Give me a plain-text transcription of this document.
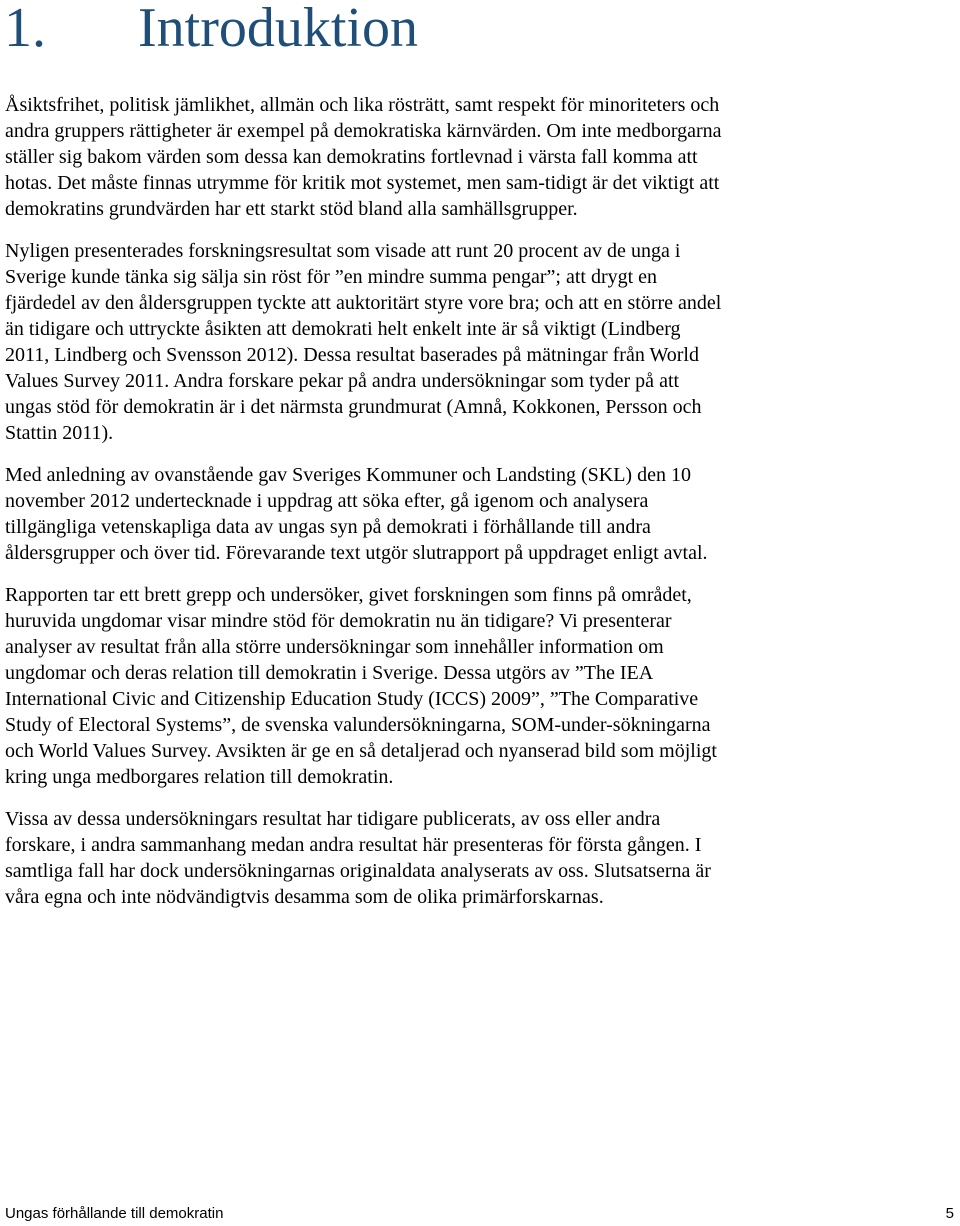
1. Introduktion

Åsiktsfrihet, politisk jämlikhet, allmän och lika rösträtt, samt respekt för minoriteters och
andra gruppers rättigheter är exempel på demokratiska kärnvärden. Om inte medborgarna
ställer sig bakom värden som dessa kan demokratins fortlevnad i värsta fall komma att
hotas. Det måste finnas utrymme för kritik mot systemet, men sam-tidigt är det viktigt att
demokratins grundvärden har ett starkt stöd bland alla samhällsgrupper.

Nyligen presenterades forskningsresultat som visade att runt 20 procent av de unga i
Sverige kunde tänka sig sälja sin röst för ”en mindre summa pengar”; att drygt en
fjärdedel av den åldersgruppen tyckte att auktoritärt styre vore bra; och att en större andel
än tidigare och uttryckte åsikten att demokrati helt enkelt inte är så viktigt (Lindberg
2011, Lindberg och Svensson 2012). Dessa resultat baserades på mätningar från World
Values Survey 2011. Andra forskare pekar på andra undersökningar som tyder på att
ungas stöd för demokratin är i det närmsta grundmurat (Amnå, Kokkonen, Persson och
Stattin 2011).

Med anledning av ovanstående gav Sveriges Kommuner och Landsting (SKL) den 10
november 2012 undertecknade i uppdrag att söka efter, gå igenom och analysera
tillgängliga vetenskapliga data av ungas syn på demokrati i förhållande till andra
åldersgrupper och över tid. Förevarande text utgör slutrapport på uppdraget enligt avtal.

Rapporten tar ett brett grepp och undersöker, givet forskningen som finns på området,
huruvida ungdomar visar mindre stöd för demokratin nu än tidigare? Vi presenterar
analyser av resultat från alla större undersökningar som innehåller information om
ungdomar och deras relation till demokratin i Sverige. Dessa utgörs av ”The IEA
International Civic and Citizenship Education Study (ICCS) 2009”, ”The Comparative
Study of Electoral Systems”, de svenska valundersökningarna, SOM-under-sökningarna
och World Values Survey. Avsikten är ge en så detaljerad och nyanserad bild som möjligt
kring unga medborgares relation till demokratin.

Vissa av dessa undersökningars resultat har tidigare publicerats, av oss eller andra
forskare, i andra sammanhang medan andra resultat här presenteras för första gången. I
samtliga fall har dock undersökningarnas originaldata analyserats av oss. Slutsatserna är
våra egna och inte nödvändigtvis desamma som de olika primärforskarnas.

Ungas förhållande till demokratin	5
